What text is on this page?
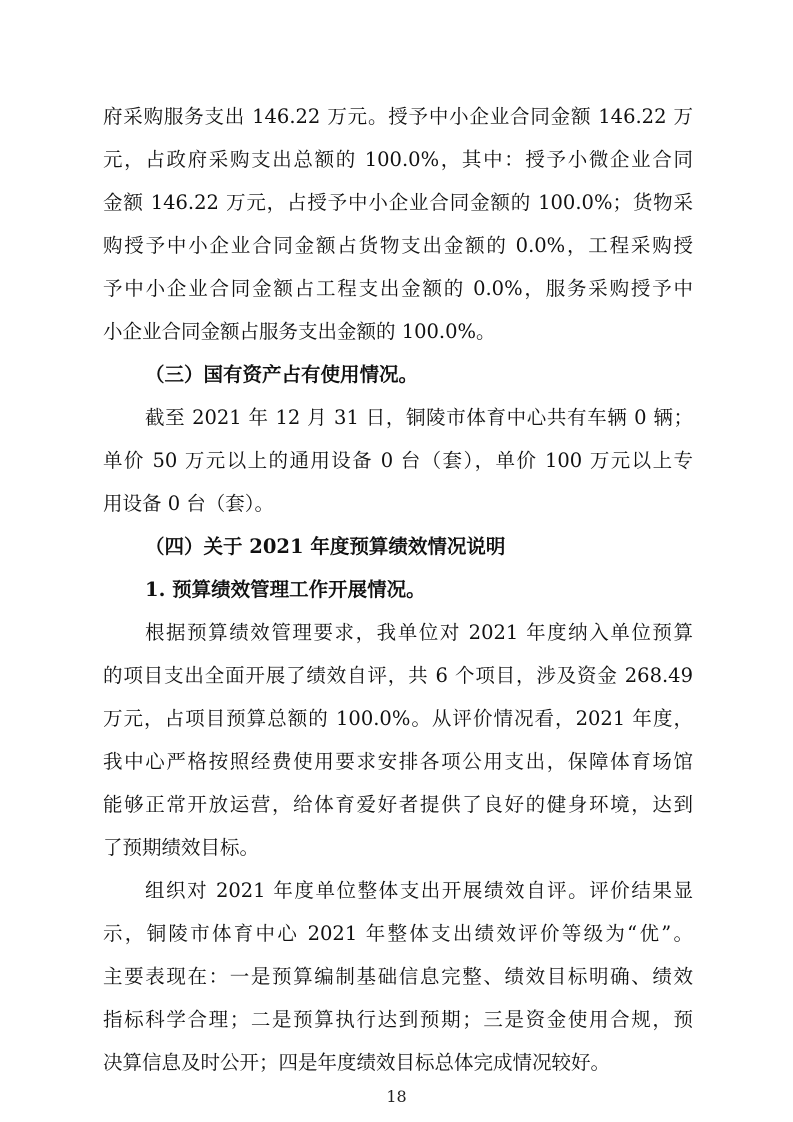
府采购服务支出 146.22 万元。授予中小企业合同金额 146.22 万
元，占政府采购支出总额的 100.0%，其中：授予小微企业合同
金额 146.22 万元，占授予中小企业合同金额的 100.0%；货物采
购授予中小企业合同金额占货物支出金额的 0.0%，工程采购授
予中小企业合同金额占工程支出金额的 0.0%，服务采购授予中
小企业合同金额占服务支出金额的 100.0%。
（三）国有资产占有使用情况。
截至 2021 年 12 月 31 日，铜陵市体育中心共有车辆 0 辆；
单价 50 万元以上的通用设备 0 台（套），单价 100 万元以上专
用设备 0 台（套）。
（四）关于 2021 年度预算绩效情况说明
1. 预算绩效管理工作开展情况。
根据预算绩效管理要求，我单位对 2021 年度纳入单位预算
的项目支出全面开展了绩效自评，共 6 个项目，涉及资金 268.49
万元，占项目预算总额的 100.0%。从评价情况看，2021 年度，
我中心严格按照经费使用要求安排各项公用支出，保障体育场馆
能够正常开放运营，给体育爱好者提供了良好的健身环境，达到
了预期绩效目标。
组织对 2021 年度单位整体支出开展绩效自评。评价结果显
示，铜陵市体育中心 2021 年整体支出绩效评价等级为“优”。
主要表现在：一是预算编制基础信息完整、绩效目标明确、绩效
指标科学合理；二是预算执行达到预期；三是资金使用合规，预
决算信息及时公开；四是年度绩效目标总体完成情况较好。
18
